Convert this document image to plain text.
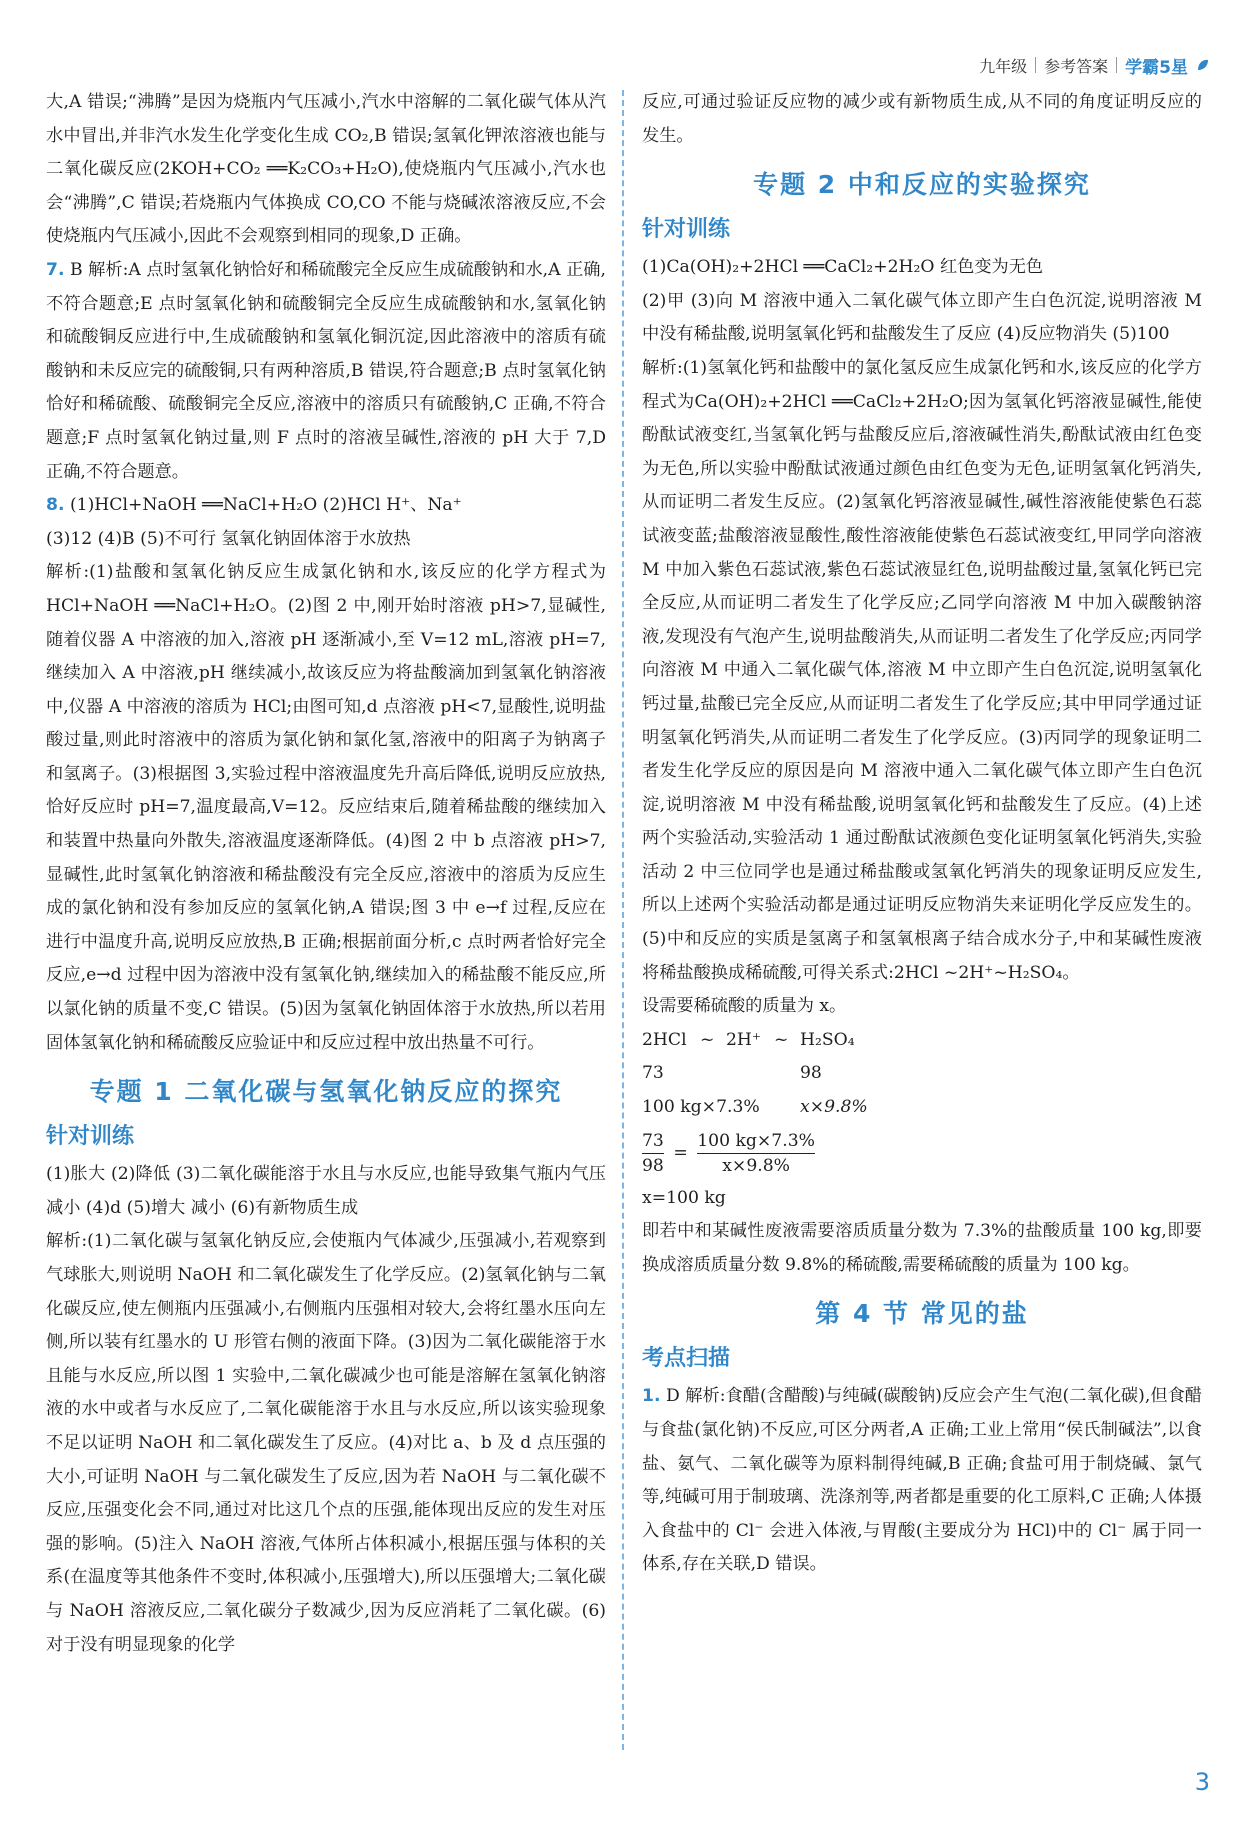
九年级 参考答案 学霸5星

大,A 错误;“沸腾”是因为烧瓶内气压减小,汽水中溶解的二氧化碳气体从汽水中冒出,并非汽水发生化学变化生成 CO₂,B 错误;氢氧化钾浓溶液也能与二氧化碳反应(2KOH+CO₂ ══K₂CO₃+H₂O),使烧瓶内气压减小,汽水也会“沸腾”,C 错误;若烧瓶内气体换成 CO,CO 不能与烧碱浓溶液反应,不会使烧瓶内气压减小,因此不会观察到相同的现象,D 正确。

7. B 解析:A 点时氢氧化钠恰好和稀硫酸完全反应生成硫酸钠和水,A 正确,不符合题意;E 点时氢氧化钠和硫酸铜完全反应生成硫酸钠和水,氢氧化钠和硫酸铜反应进行中,生成硫酸钠和氢氧化铜沉淀,因此溶液中的溶质有硫酸钠和未反应完的硫酸铜,只有两种溶质,B 错误,符合题意;B 点时氢氧化钠恰好和稀硫酸、硫酸铜完全反应,溶液中的溶质只有硫酸钠,C 正确,不符合题意;F 点时氢氧化钠过量,则 F 点时的溶液呈碱性,溶液的 pH 大于 7,D 正确,不符合题意。

8. (1)HCl+NaOH ══NaCl+H₂O (2)HCl H⁺、Na⁺

(3)12 (4)B (5)不可行 氢氧化钠固体溶于水放热

解析:(1)盐酸和氢氧化钠反应生成氯化钠和水,该反应的化学方程式为 HCl+NaOH ══NaCl+H₂O。(2)图 2 中,刚开始时溶液 pH>7,显碱性,随着仪器 A 中溶液的加入,溶液 pH 逐渐减小,至 V=12 mL,溶液 pH=7,继续加入 A 中溶液,pH 继续减小,故该反应为将盐酸滴加到氢氧化钠溶液中,仪器 A 中溶液的溶质为 HCl;由图可知,d 点溶液 pH<7,显酸性,说明盐酸过量,则此时溶液中的溶质为氯化钠和氯化氢,溶液中的阳离子为钠离子和氢离子。(3)根据图 3,实验过程中溶液温度先升高后降低,说明反应放热,恰好反应时 pH=7,温度最高,V=12。反应结束后,随着稀盐酸的继续加入和装置中热量向外散失,溶液温度逐渐降低。(4)图 2 中 b 点溶液 pH>7,显碱性,此时氢氧化钠溶液和稀盐酸没有完全反应,溶液中的溶质为反应生成的氯化钠和没有参加反应的氢氧化钠,A 错误;图 3 中 e→f 过程,反应在进行中温度升高,说明反应放热,B 正确;根据前面分析,c 点时两者恰好完全反应,e→d 过程中因为溶液中没有氢氧化钠,继续加入的稀盐酸不能反应,所以氯化钠的质量不变,C 错误。(5)因为氢氧化钠固体溶于水放热,所以若用固体氢氧化钠和稀硫酸反应验证中和反应过程中放出热量不可行。

专题 1 二氧化碳与氢氧化钠反应的探究
针对训练

(1)胀大 (2)降低 (3)二氧化碳能溶于水且与水反应,也能导致集气瓶内气压减小 (4)d (5)增大 减小 (6)有新物质生成

解析:(1)二氧化碳与氢氧化钠反应,会使瓶内气体减少,压强减小,若观察到气球胀大,则说明 NaOH 和二氧化碳发生了化学反应。(2)氢氧化钠与二氧化碳反应,使左侧瓶内压强减小,右侧瓶内压强相对较大,会将红墨水压向左侧,所以装有红墨水的 U 形管右侧的液面下降。(3)因为二氧化碳能溶于水且能与水反应,所以图 1 实验中,二氧化碳减少也可能是溶解在氢氧化钠溶液的水中或者与水反应了,二氧化碳能溶于水且与水反应,所以该实验现象不足以证明 NaOH 和二氧化碳发生了反应。(4)对比 a、b 及 d 点压强的大小,可证明 NaOH 与二氧化碳发生了反应,因为若 NaOH 与二氧化碳不反应,压强变化会不同,通过对比这几个点的压强,能体现出反应的发生对压强的影响。(5)注入 NaOH 溶液,气体所占体积减小,根据压强与体积的关系(在温度等其他条件不变时,体积减小,压强增大),所以压强增大;二氧化碳与 NaOH 溶液反应,二氧化碳分子数减少,因为反应消耗了二氧化碳。(6)对于没有明显现象的化学

反应,可通过验证反应物的减少或有新物质生成,从不同的角度证明反应的发生。

专题 2 中和反应的实验探究
针对训练

(1)Ca(OH)₂+2HCl ══CaCl₂+2H₂O 红色变为无色

(2)甲 (3)向 M 溶液中通入二氧化碳气体立即产生白色沉淀,说明溶液 M 中没有稀盐酸,说明氢氧化钙和盐酸发生了反应 (4)反应物消失 (5)100

解析:(1)氢氧化钙和盐酸中的氯化氢反应生成氯化钙和水,该反应的化学方程式为Ca(OH)₂+2HCl ══CaCl₂+2H₂O;因为氢氧化钙溶液显碱性,能使酚酞试液变红,当氢氧化钙与盐酸反应后,溶液碱性消失,酚酞试液由红色变为无色,所以实验中酚酞试液通过颜色由红色变为无色,证明氢氧化钙消失,从而证明二者发生反应。(2)氢氧化钙溶液显碱性,碱性溶液能使紫色石蕊试液变蓝;盐酸溶液显酸性,酸性溶液能使紫色石蕊试液变红,甲同学向溶液 M 中加入紫色石蕊试液,紫色石蕊试液显红色,说明盐酸过量,氢氧化钙已完全反应,从而证明二者发生了化学反应;乙同学向溶液 M 中加入碳酸钠溶液,发现没有气泡产生,说明盐酸消失,从而证明二者发生了化学反应;丙同学向溶液 M 中通入二氧化碳气体,溶液 M 中立即产生白色沉淀,说明氢氧化钙过量,盐酸已完全反应,从而证明二者发生了化学反应;其中甲同学通过证明氢氧化钙消失,从而证明二者发生了化学反应。(3)丙同学的现象证明二者发生化学反应的原因是向 M 溶液中通入二氧化碳气体立即产生白色沉淀,说明溶液 M 中没有稀盐酸,说明氢氧化钙和盐酸发生了反应。(4)上述两个实验活动,实验活动 1 通过酚酞试液颜色变化证明氢氧化钙消失,实验活动 2 中三位同学也是通过稀盐酸或氢氧化钙消失的现象证明反应发生,所以上述两个实验活动都是通过证明反应物消失来证明化学反应发生的。(5)中和反应的实质是氢离子和氢氧根离子结合成水分子,中和某碱性废液将稀盐酸换成稀硫酸,可得关系式:2HCl ~2H⁺~H₂SO₄。

设需要稀硫酸的质量为 x。

2HCl ~ 2H⁺ ~ H₂SO₄
73	98
100 kg×7.3%	x×9.8%
$\frac{73}{98} = \frac{100 kg\times 7.3\%}{x\times 9.8\%}$

x=100 kg

即若中和某碱性废液需要溶质质量分数为 7.3%的盐酸质量 100 kg,即要换成溶质质量分数 9.8%的稀硫酸,需要稀硫酸的质量为 100 kg。

第 4 节 常见的盐
考点扫描

1. D 解析:食醋(含醋酸)与纯碱(碳酸钠)反应会产生气泡(二氧化碳),但食醋与食盐(氯化钠)不反应,可区分两者,A 正确;工业上常用“侯氏制碱法”,以食盐、氨气、二氧化碳等为原料制得纯碱,B 正确;食盐可用于制烧碱、氯气等,纯碱可用于制玻璃、洗涤剂等,两者都是重要的化工原料,C 正确;人体摄入食盐中的 Cl⁻ 会进入体液,与胃酸(主要成分为 HCl)中的 Cl⁻ 属于同一体系,存在关联,D 错误。

3
